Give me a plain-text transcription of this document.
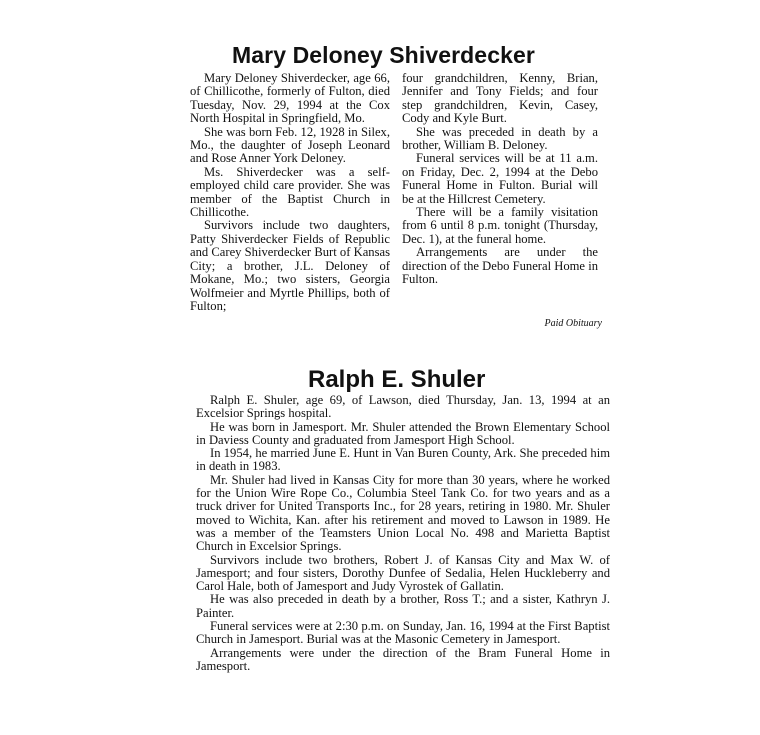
Mary Deloney Shiverdecker

Mary Deloney Shiverdecker, age 66, of Chillicothe, formerly of Fulton, died Tuesday, Nov. 29, 1994 at the Cox North Hospital in Springfield, Mo.

She was born Feb. 12, 1928 in Silex, Mo., the daughter of Joseph Leonard and Rose Anner York Deloney.

Ms. Shiverdecker was a self-employed child care provider. She was member of the Baptist Church in Chillicothe.

Survivors include two daughters, Patty Shiverdecker Fields of Republic and Carey Shiverdecker Burt of Kansas City; a brother, J.L. Deloney of Mokane, Mo.; two sisters, Georgia Wolfmeier and Myrtle Phillips, both of Fulton;

four grandchildren, Kenny, Brian, Jennifer and Tony Fields; and four step grandchildren, Kevin, Casey, Cody and Kyle Burt.

She was preceded in death by a brother, William B. Deloney.

Funeral services will be at 11 a.m. on Friday, Dec. 2, 1994 at the Debo Funeral Home in Fulton. Burial will be at the Hillcrest Cemetery.

There will be a family visitation from 6 until 8 p.m. tonight (Thursday, Dec. 1), at the funeral home.

Arrangements are under the direction of the Debo Funeral Home in Fulton.

Paid Obituary
Ralph E. Shuler

Ralph E. Shuler, age 69, of Lawson, died Thursday, Jan. 13, 1994 at an Excelsior Springs hospital.

He was born in Jamesport. Mr. Shuler attended the Brown Elementary School in Daviess County and graduated from Jamesport High School.

In 1954, he married June E. Hunt in Van Buren County, Ark. She preceded him in death in 1983.

Mr. Shuler had lived in Kansas City for more than 30 years, where he worked for the Union Wire Rope Co., Columbia Steel Tank Co. for two years and as a truck driver for United Transports Inc., for 28 years, retiring in 1980. Mr. Shuler moved to Wichita, Kan. after his retirement and moved to Lawson in 1989. He was a member of the Teamsters Union Local No. 498 and Marietta Baptist Church in Excelsior Springs.

Survivors include two brothers, Robert J. of Kansas City and Max W. of Jamesport; and four sisters, Dorothy Dunfee of Sedalia, Helen Huckleberry and Carol Hale, both of Jamesport and Judy Vyrostek of Gallatin.

He was also preceded in death by a brother, Ross T.; and a sister, Kathryn J. Painter.

Funeral services were at 2:30 p.m. on Sunday, Jan. 16, 1994 at the First Baptist Church in Jamesport. Burial was at the Masonic Cemetery in Jamesport.

Arrangements were under the direction of the Bram Funeral Home in Jamesport.
